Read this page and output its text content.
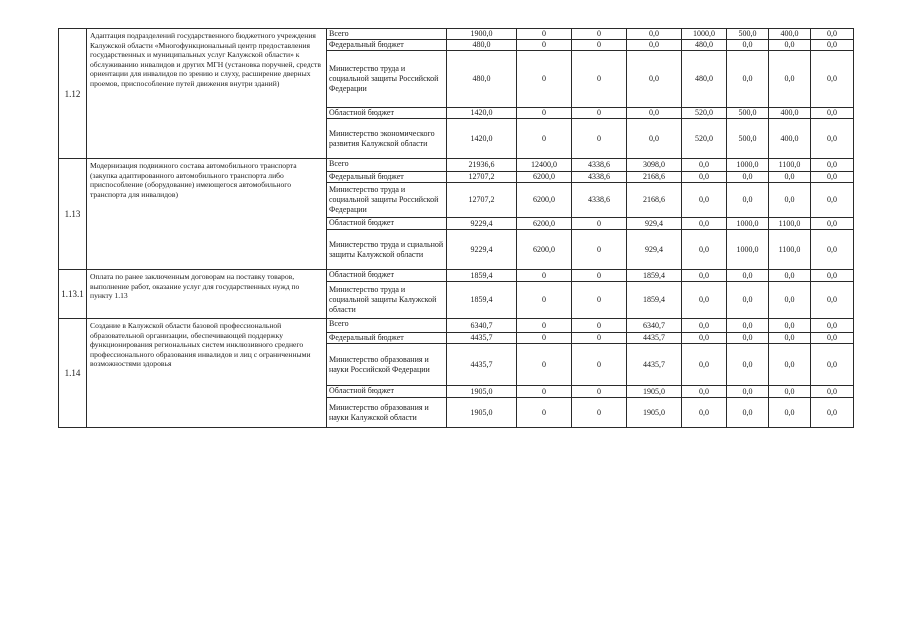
1.12	Адаптация подразделений государственного бюджетного учреждения Калужской области «Многофункциональный центр предоставления государственных и муниципальных услуг Калужской области» к обслуживанию инвалидов и других МГН (установка поручней, средств ориентации для инвалидов по зрению и слуху, расширение дверных проемов, приспособление путей движения внутри зданий)	Всего	1900,0	0	0	0,0	1000,0	500,0	400,0	0,0
		Федеральный бюджет	480,0	0	0	0,0	480,0	0,0	0,0	0,0
		Министерство труда и социальной защиты Российской Федерации	480,0	0	0	0,0	480,0	0,0	0,0	0,0
		Областной бюджет	1420,0	0	0	0,0	520,0	500,0	400,0	0,0
		Министерство экономического развития Калужской области	1420,0	0	0	0,0	520,0	500,0	400,0	0,0
1.13	Модернизация подвижного состава автомобильного транспорта (закупка адаптированного автомобильного транспорта либо приспособление (оборудование) имеющегося автомобильного транспорта для инвалидов)	Всего	21936,6	12400,0	4338,6	3098,0	0,0	1000,0	1100,0	0,0
		Федеральный бюджет	12707,2	6200,0	4338,6	2168,6	0,0	0,0	0,0	0,0
		Министерство труда и социальной защиты Российской Федерации	12707,2	6200,0	4338,6	2168,6	0,0	0,0	0,0	0,0
		Областной бюджет	9229,4	6200,0	0	929,4	0,0	1000,0	1100,0	0,0
		Министерство труда и сциальной защиты Калужской области	9229,4	6200,0	0	929,4	0,0	1000,0	1100,0	0,0
1.13.1	Оплата по ранее заключенным договорам на поставку товаров, выполнение работ, оказание услуг для государственных нужд по пункту 1.13	Областной бюджет	1859,4	0	0	1859,4	0,0	0,0	0,0	0,0
		Министерство труда и социальной защиты Калужской области	1859,4	0	0	1859,4	0,0	0,0	0,0	0,0
1.14	Создание в Калужской области базовой профессиональной образовательной организации, обеспечивающей поддержку функционирования региональных систем инклюзивного среднего профессионального образования инвалидов и лиц с ограниченными возможностями здоровья	Всего	6340,7	0	0	6340,7	0,0	0,0	0,0	0,0
		Федеральный бюджет	4435,7	0	0	4435,7	0,0	0,0	0,0	0,0
		Министерство образования и науки Российской Федерации	4435,7	0	0	4435,7	0,0	0,0	0,0	0,0
		Областной бюджет	1905,0	0	0	1905,0	0,0	0,0	0,0	0,0
		Министерство образования и науки Калужской области	1905,0	0	0	1905,0	0,0	0,0	0,0	0,0
